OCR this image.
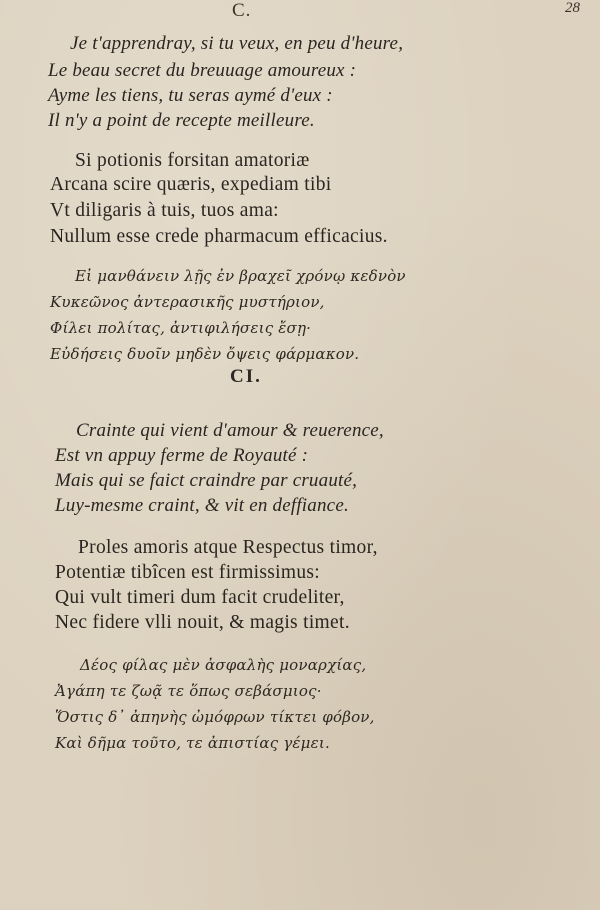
C.	28
Je t'apprendray, si tu veux, en peu d'heure,
Le beau secret du breuuage amoureux :
Ayme les tiens, tu seras aymé d'eux :
Il n'y a point de recepte meilleure.
Si potionis forsitan amatoriæ
Arcana scire quæris, expediam tibi
Vt diligaris à tuis, tuos ama:
Nullum esse crede pharmacum efficacius.
Εἰ μανθάνειν λῇς ἐν βραχεῖ χρόνῳ κεδνὸν
Κυκεῶνος ἀντερασικῆς μυστήριον,
Φίλει πολίτας, ἀντιφιλήσεις ἔσῃ·
Εὐδήσεις δυοῖν μηδὲν ὄψεις φάρμακον.
CI.
Crainte qui vient d'amour & reuerence,
Est vn appuy ferme de Royauté :
Mais qui se faict craindre par cruauté,
Luy-mesme craint, & vit en deffiance.
Proles amoris atque Respectus timor,
Potentiæ tibîcen est firmissimus:
Qui vult timeri dum facit crudeliter,
Nec fidere vlli nouit, & magis timet.
Δέος φίλας μὲν ἀσφαλὴς μοναρχίας,
Ἀγάπη τε ζωᾷ τε ὅπως σεβάσμιος·
Ὅστις δ᾽ ἀπηνὴς ὠμόφρων τίκτει φόβον,
Καὶ δῆμα τοῦτο, τε ἀπιστίας γέμει.
